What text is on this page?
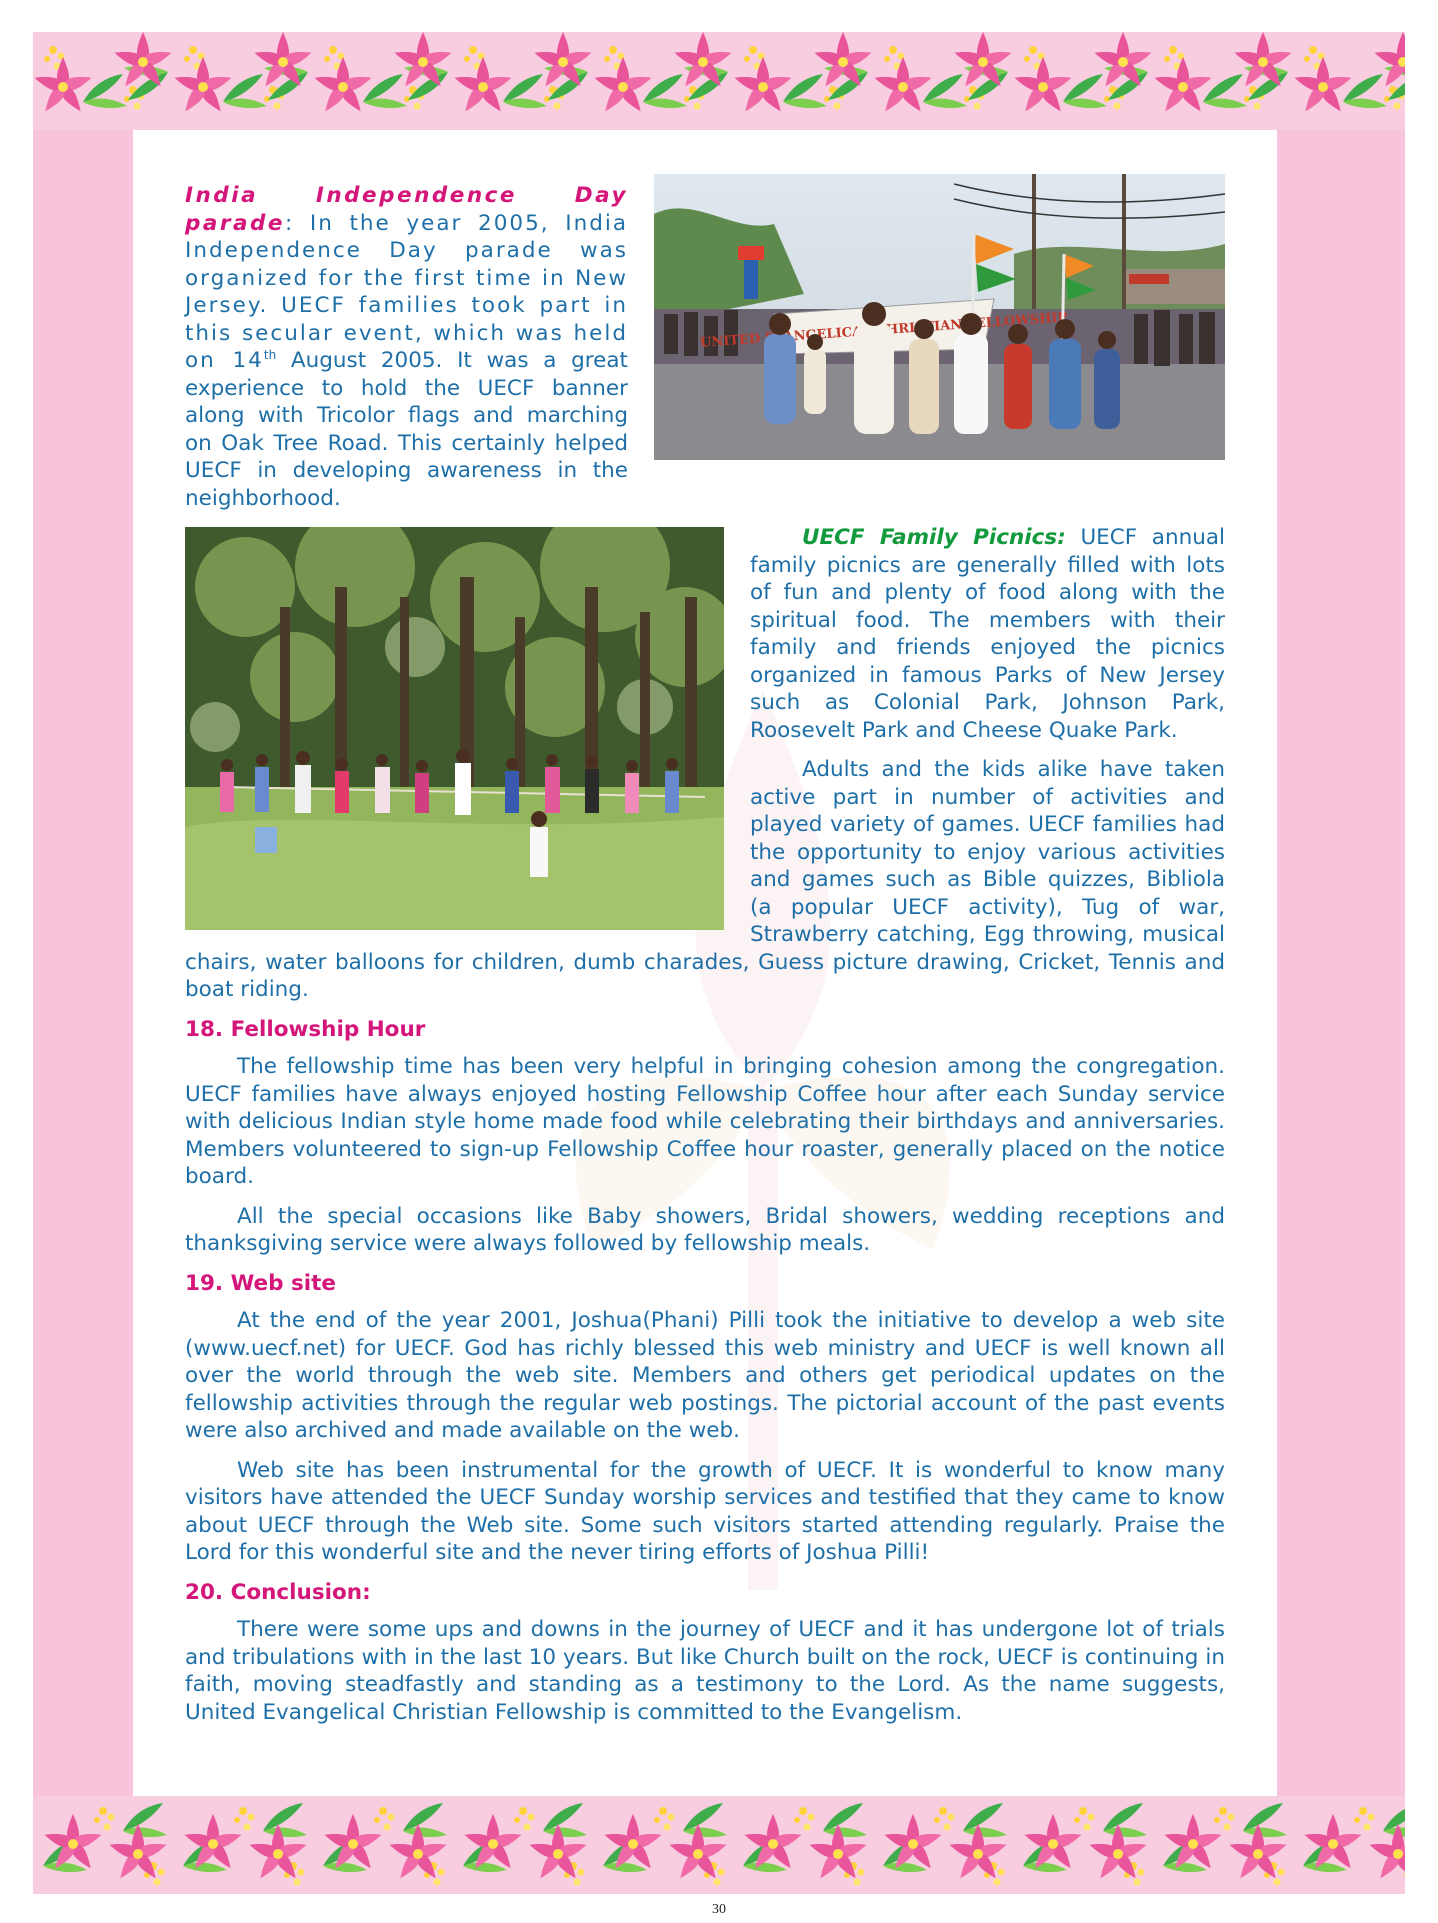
UNITED FELLOWSHIP

India Independence Day parade: In the year 2005, India Independence Day parade was organized for the first time in New Jersey. UECF families took part in this secular event, which was held on 14th August 2005. It was a great experience to hold the UECF banner along with Tricolor flags and marching on Oak Tree Road. This certainly helped UECF in developing awareness in the neighborhood.

UECF Family Picnics: UECF annual family picnics are generally filled with lots of fun and plenty of food along with the spiritual food. The members with their family and friends enjoyed the picnics organized in famous Parks of New Jersey such as Colonial Park, Johnson Park, Roosevelt Park and Cheese Quake Park.

Adults and the kids alike have taken active part in number of activities and played variety of games. UECF families had the opportunity to enjoy various activities and games such as Bible quizzes, Bibliola (a popular UECF activity), Tug of war, Strawberry catching, Egg throwing, musical chairs, water balloons for children, dumb charades, Guess picture drawing, Cricket, Tennis and boat riding.

18. Fellowship Hour

The fellowship time has been very helpful in bringing cohesion among the congregation. UECF families have always enjoyed hosting Fellowship Coffee hour after each Sunday service with delicious Indian style home made food while celebrating their birthdays and anniversaries. Members volunteered to sign-up Fellowship Coffee hour roaster, generally placed on the notice board.

All the special occasions like Baby showers, Bridal showers, wedding receptions and thanksgiving service were always followed by fellowship meals.

19. Web site

At the end of the year 2001, Joshua(Phani) Pilli took the initiative to develop a web site (www.uecf.net) for UECF. God has richly blessed this web ministry and UECF is well known all over the world through the web site. Members and others get periodical updates on the fellowship activities through the regular web postings. The pictorial account of the past events were also archived and made available on the web.

Web site has been instrumental for the growth of UECF. It is wonderful to know many visitors have attended the UECF Sunday worship services and testified that they came to know about UECF through the Web site. Some such visitors started attending regularly. Praise the Lord for this wonderful site and the never tiring efforts of Joshua Pilli!

20. Conclusion:

There were some ups and downs in the journey of UECF and it has undergone lot of trials and tribulations with in the last 10 years. But like Church built on the rock, UECF is continuing in faith, moving steadfastly and standing as a testimony to the Lord. As the name suggests, United Evangelical Christian Fellowship is committed to the Evangelism.

30
